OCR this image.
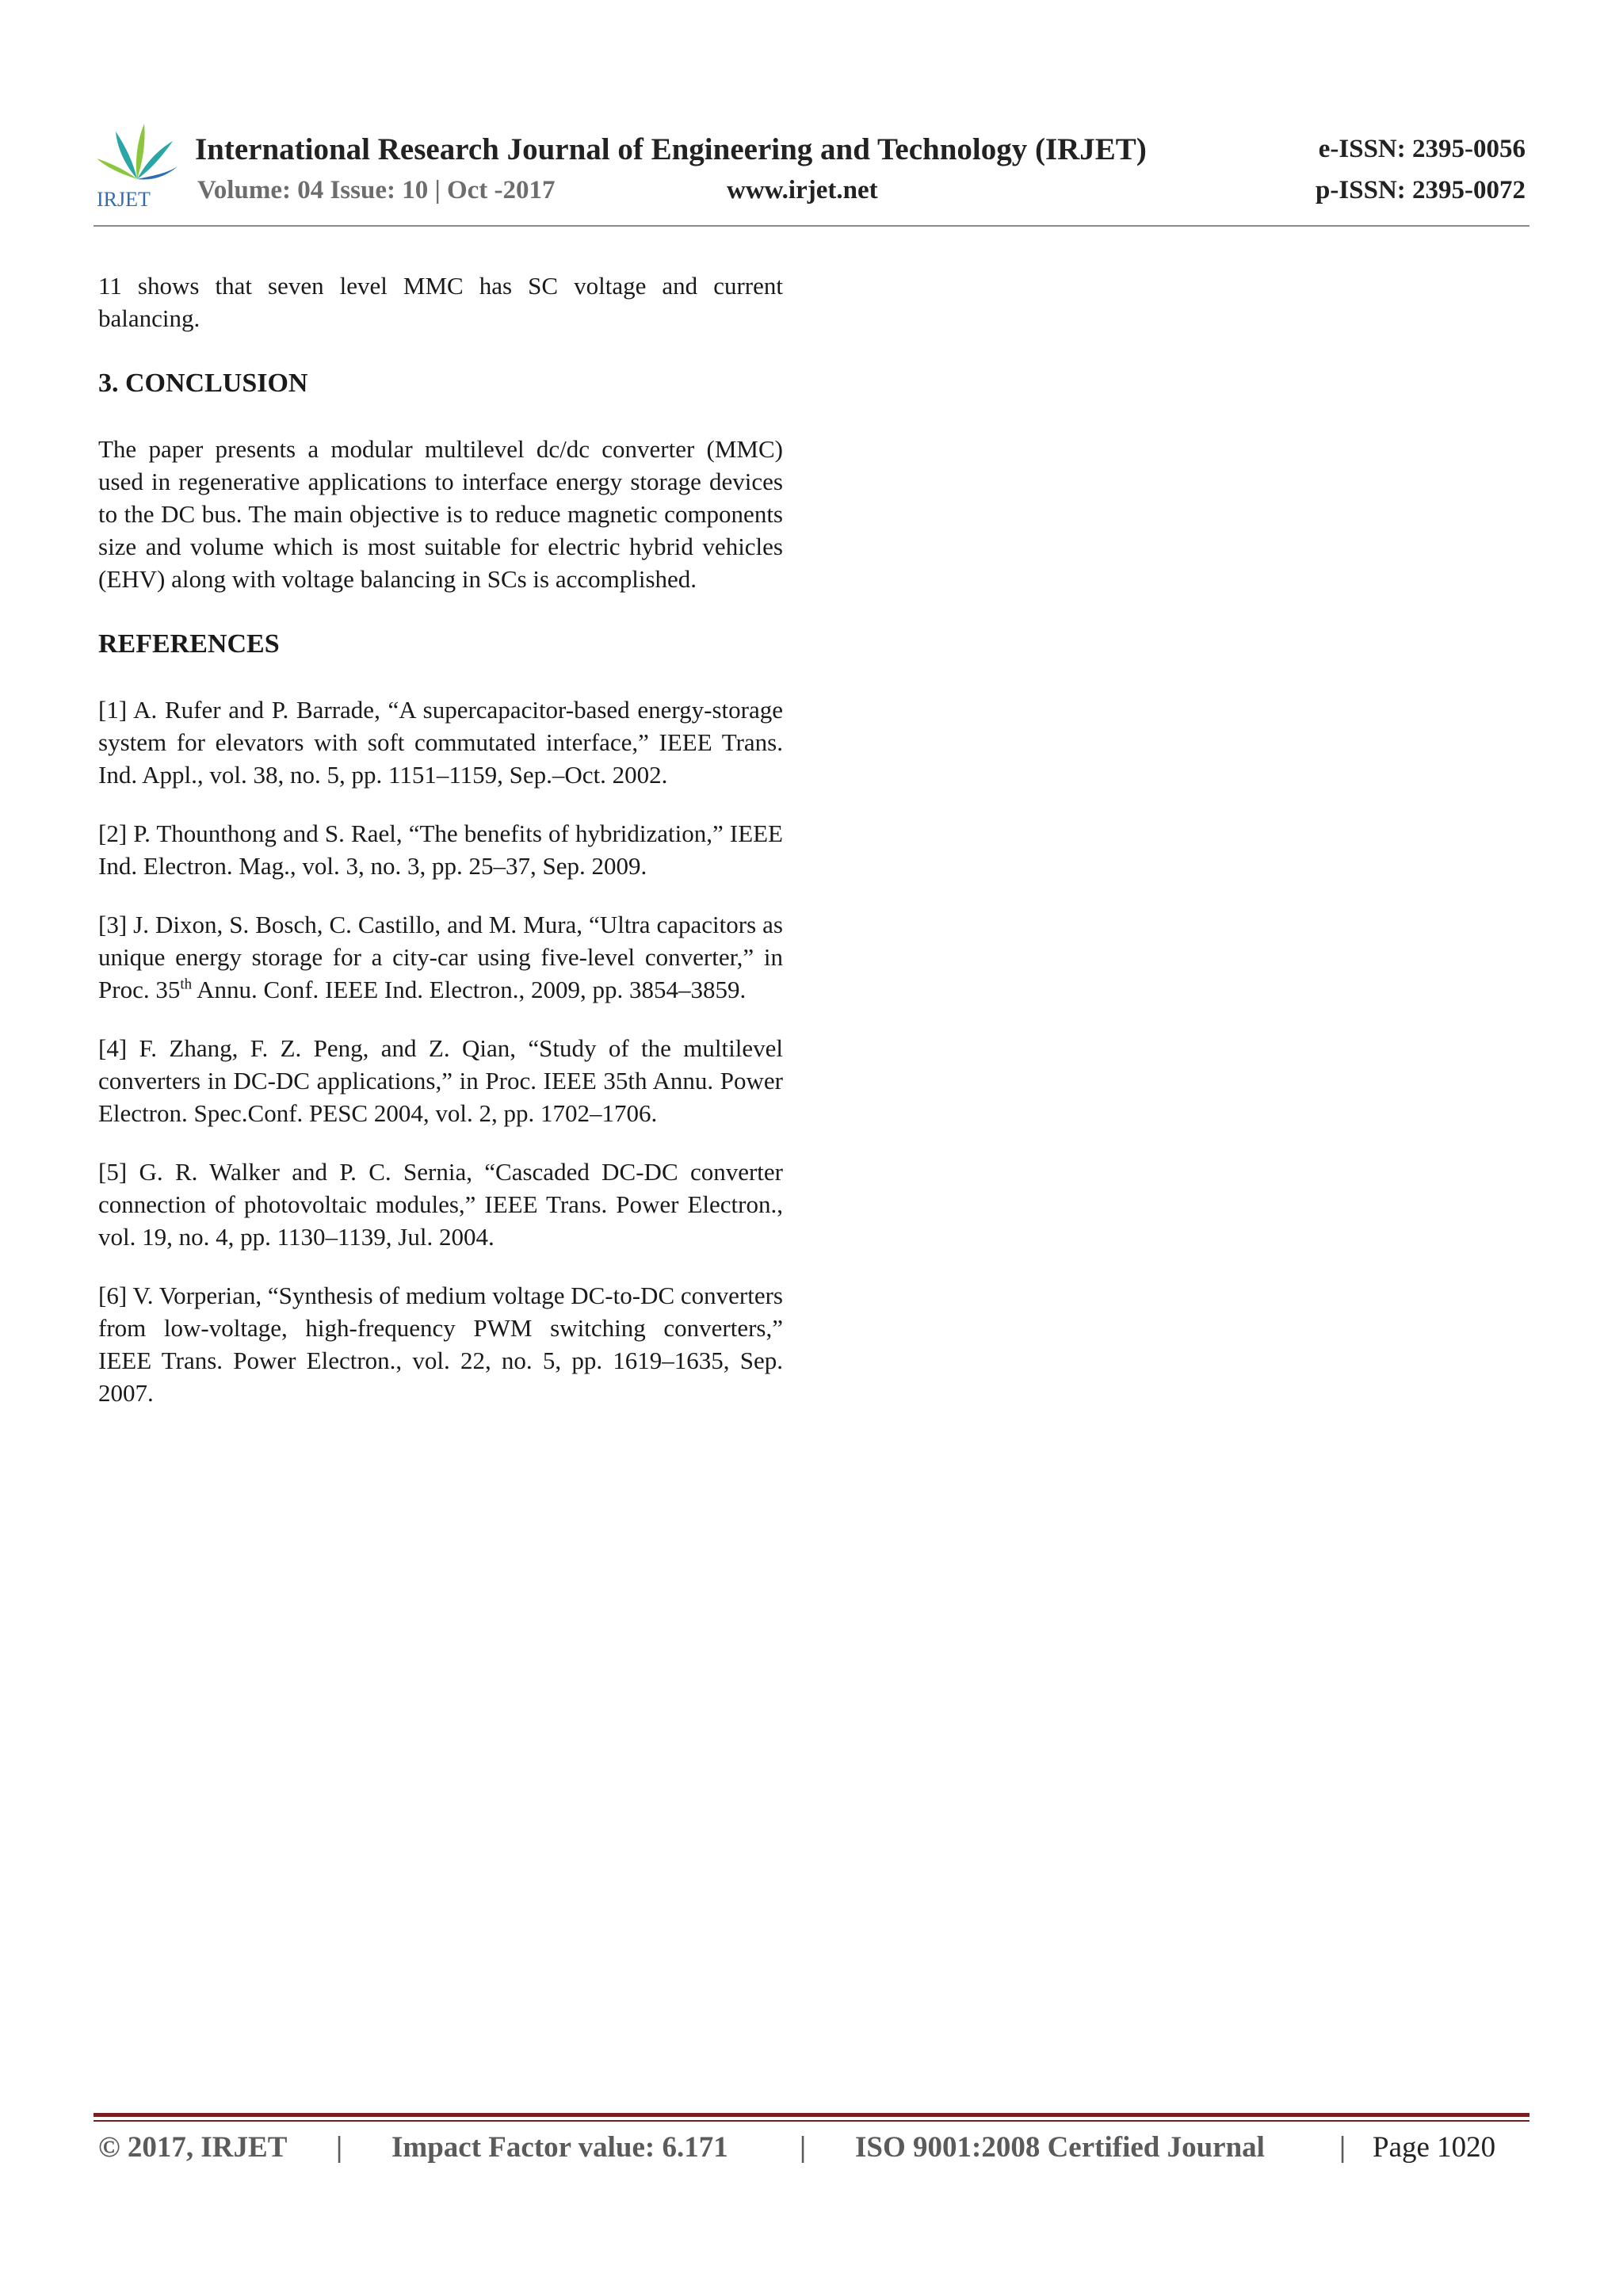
IRJET
International Research Journal of Engineering and Technology (IRJET)
Volume: 04 Issue: 10 | Oct -2017	www.irjet.net
e-ISSN: 2395-0056
p-ISSN: 2395-0072

11 shows that seven level MMC has SC voltage and current balancing.

3. CONCLUSION

The paper presents a modular multilevel dc/dc converter (MMC) used in regenerative applications to interface energy storage devices to the DC bus. The main objective is to reduce magnetic components size and volume which is most suitable for electric hybrid vehicles (EHV) along with voltage balancing in SCs is accomplished.

REFERENCES

[1] A. Rufer and P. Barrade, “A supercapacitor-based energy-storage system for elevators with soft commutated interface,” IEEE Trans. Ind. Appl., vol. 38, no. 5, pp. 1151–1159, Sep.–Oct. 2002.

[2] P. Thounthong and S. Rael, “The benefits of hybridization,” IEEE Ind. Electron. Mag., vol. 3, no. 3, pp. 25–37, Sep. 2009.

[3] J. Dixon, S. Bosch, C. Castillo, and M. Mura, “Ultra capacitors as unique energy storage for a city-car using five-level converter,” in Proc. 35th Annu. Conf. IEEE Ind. Electron., 2009, pp. 3854–3859.

[4] F. Zhang, F. Z. Peng, and Z. Qian, “Study of the multilevel converters in DC-DC applications,” in Proc. IEEE 35th Annu. Power Electron. Spec.Conf. PESC 2004, vol. 2, pp. 1702–1706.

[5] G. R. Walker and P. C. Sernia, “Cascaded DC-DC converter connection of photovoltaic modules,” IEEE Trans. Power Electron., vol. 19, no. 4, pp. 1130–1139, Jul. 2004.

[6] V. Vorperian, “Synthesis of medium voltage DC-to-DC converters from low-voltage, high-frequency PWM switching converters,” IEEE Trans. Power Electron., vol. 22, no. 5, pp. 1619–1635, Sep. 2007.

© 2017, IRJET | Impact Factor value: 6.171 | ISO 9001:2008 Certified Journal	| Page 1020
